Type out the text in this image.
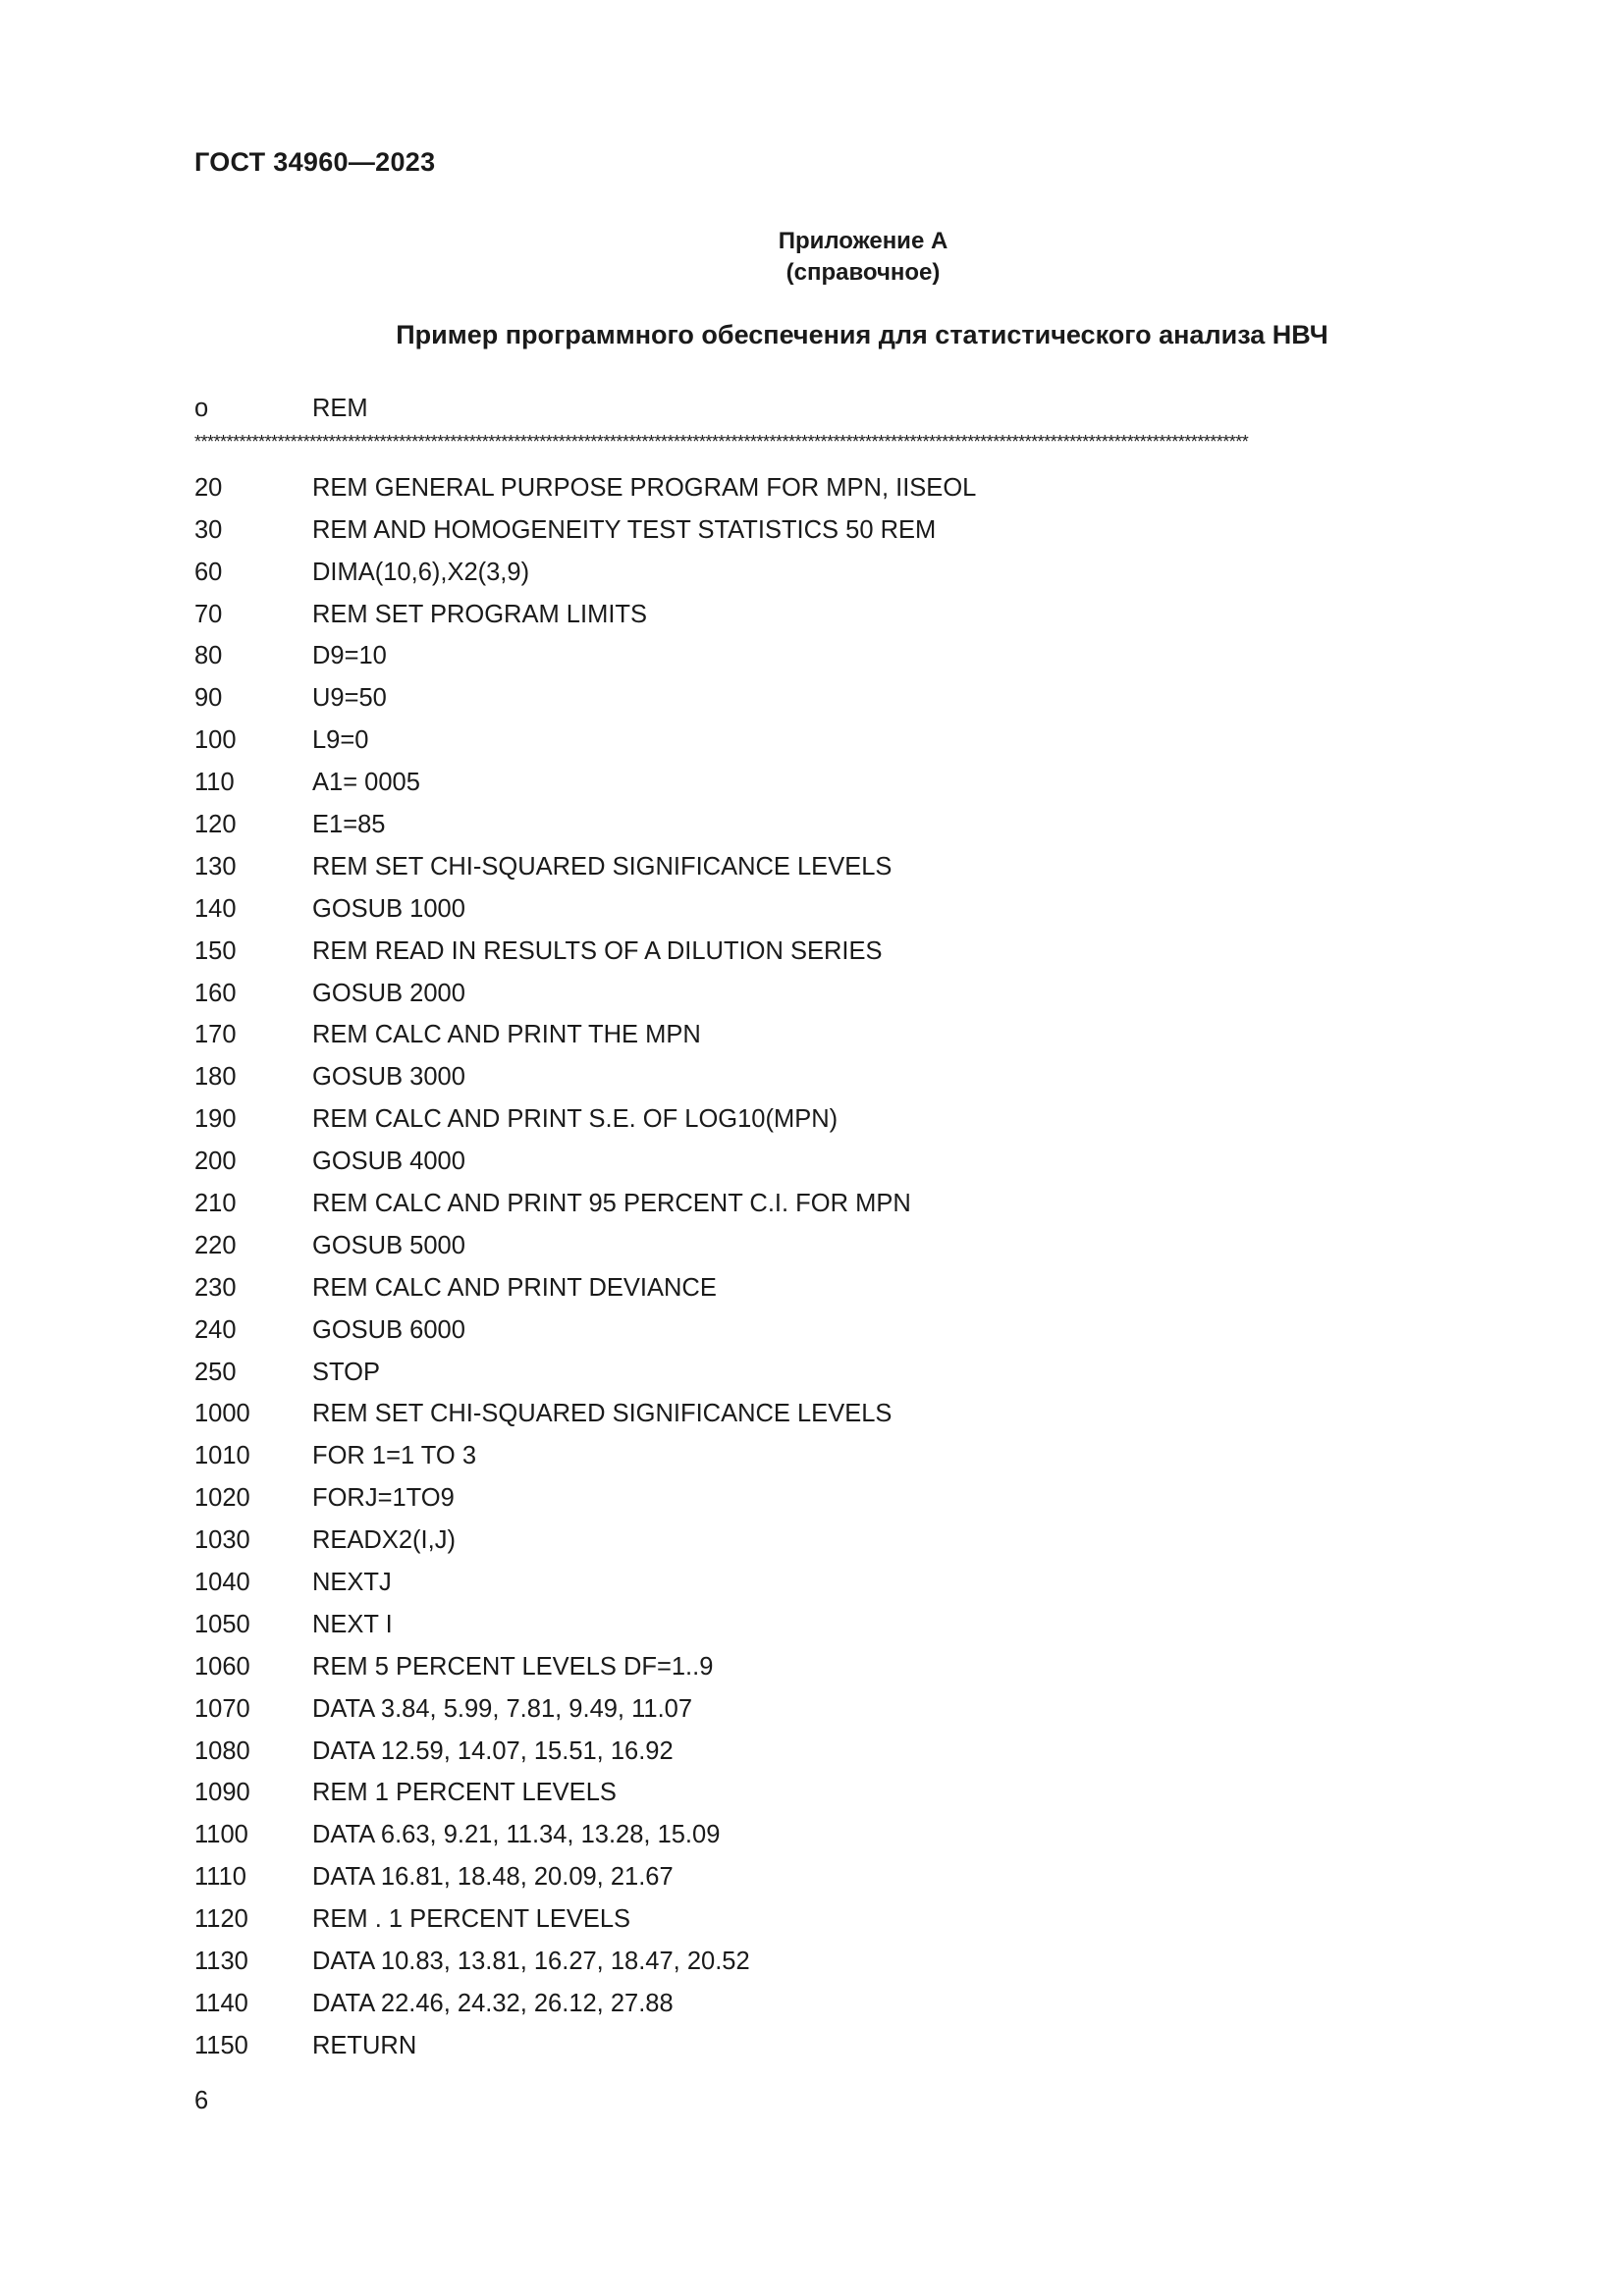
ГОСТ 34960—2023
Приложение А
(справочное)
Пример программного обеспечения для статистического анализа НВЧ
о	REM
*********************************************************************************************************************************************************************
20	REM GENERAL PURPOSE PROGRAM FOR MPN, IISEOL
30	REM AND HOMOGENEITY TEST STATISTICS 50 REM
60	DIMA(10,6),X2(3,9)
70	REM SET PROGRAM LIMITS
80	D9=10
90	U9=50
100	L9=0
110	A1= 0005
120	E1=85
130	REM SET CHI-SQUARED SIGNIFICANCE LEVELS
140	GOSUB 1000
150	REM READ IN RESULTS OF A DILUTION SERIES
160	GOSUB 2000
170	REM CALC AND PRINT THE MPN
180	GOSUB 3000
190	REM CALC AND PRINT S.E. OF LOG10(MPN)
200	GOSUB 4000
210	REM CALC AND PRINT 95 PERCENT C.I. FOR MPN
220	GOSUB 5000
230	REM CALC AND PRINT DEVIANCE
240	GOSUB 6000
250	STOP
1000	REM SET CHI-SQUARED SIGNIFICANCE LEVELS
1010	FOR 1=1 TO 3
1020	FORJ=1TO9
1030	READX2(I,J)
1040	NEXTJ
1050	NEXT I
1060	REM 5 PERCENT LEVELS DF=1..9
1070	DATA 3.84, 5.99, 7.81, 9.49, 11.07
1080	DATA 12.59, 14.07, 15.51, 16.92
1090	REM 1 PERCENT LEVELS
1100	DATA 6.63, 9.21, 11.34, 13.28, 15.09
1110	DATA 16.81, 18.48, 20.09, 21.67
1120	REM . 1 PERCENT LEVELS
1130	DATA 10.83, 13.81, 16.27, 18.47, 20.52
1140	DATA 22.46, 24.32, 26.12, 27.88
1150	RETURN
6
